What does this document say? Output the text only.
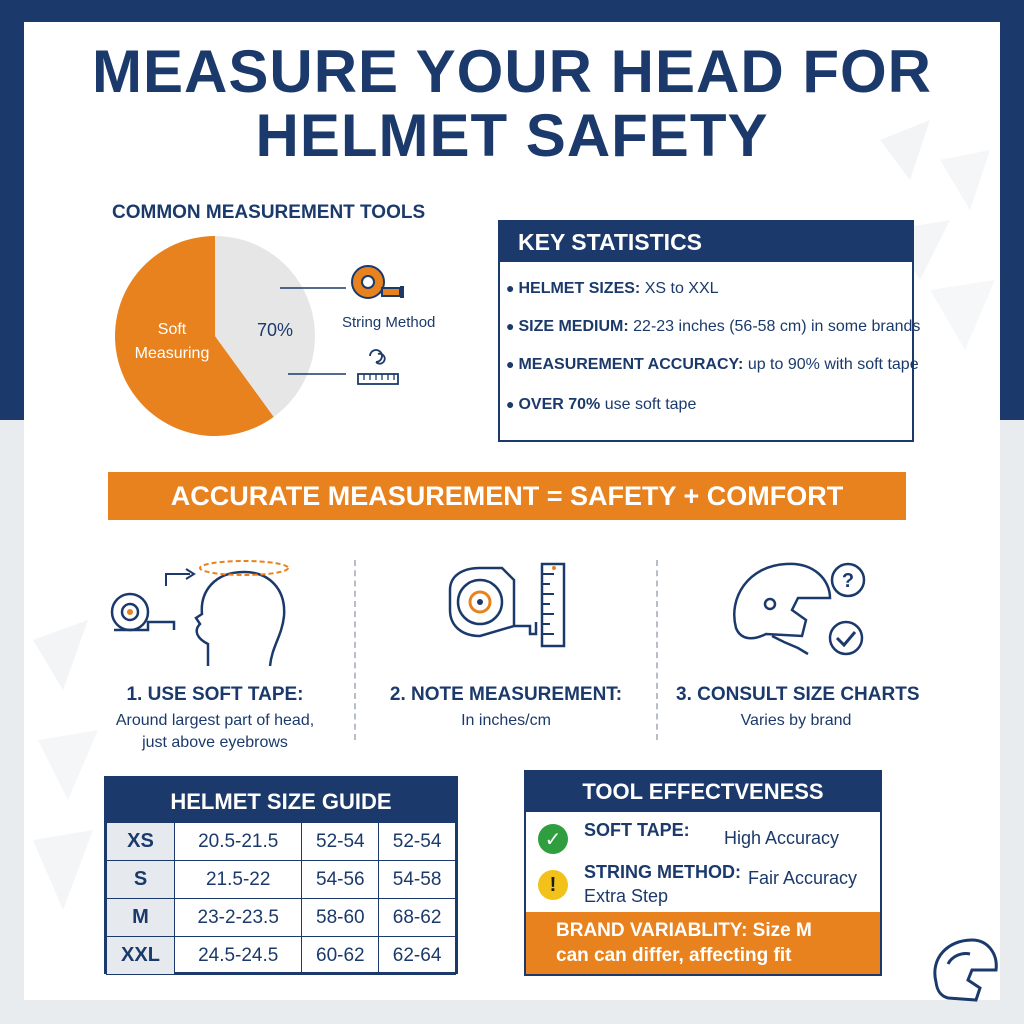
MEASURE YOUR HEAD FOR
HELMET SAFETY
COMMON MEASUREMENT TOOLS
Soft
Measuring
70%	String Method
KEY STATISTICS
● HELMET SIZES: XS to XXL
● SIZE MEDIUM: 22-23 inches (56-58 cm) in some brands
● MEASUREMENT ACCURACY: up to 90% with soft tape
● OVER 70% use soft tape
ACCURATE MEASUREMENT = SAFETY + COMFORT
?
1. USE SOFT TAPE:
Around largest part of head,
just above eyebrows
2. NOTE MEASUREMENT:
In inches/cm
3. CONSULT SIZE CHARTS
Varies by brand
HELMET SIZE GUIDE
XS	20.5-21.5	52-54	52-54
S	21.5-22	54-56	54-58
M	23-2-23.5	58-60	68-62
XXL	24.5-24.5	60-62	62-64
TOOL EFFECTVENESS
✓	SOFT TAPE: High Accuracy
!
STRING METHOD: Fair Accuracy
Extra Step
BRAND VARIABLITY: Size M
can can differ, affecting fit
